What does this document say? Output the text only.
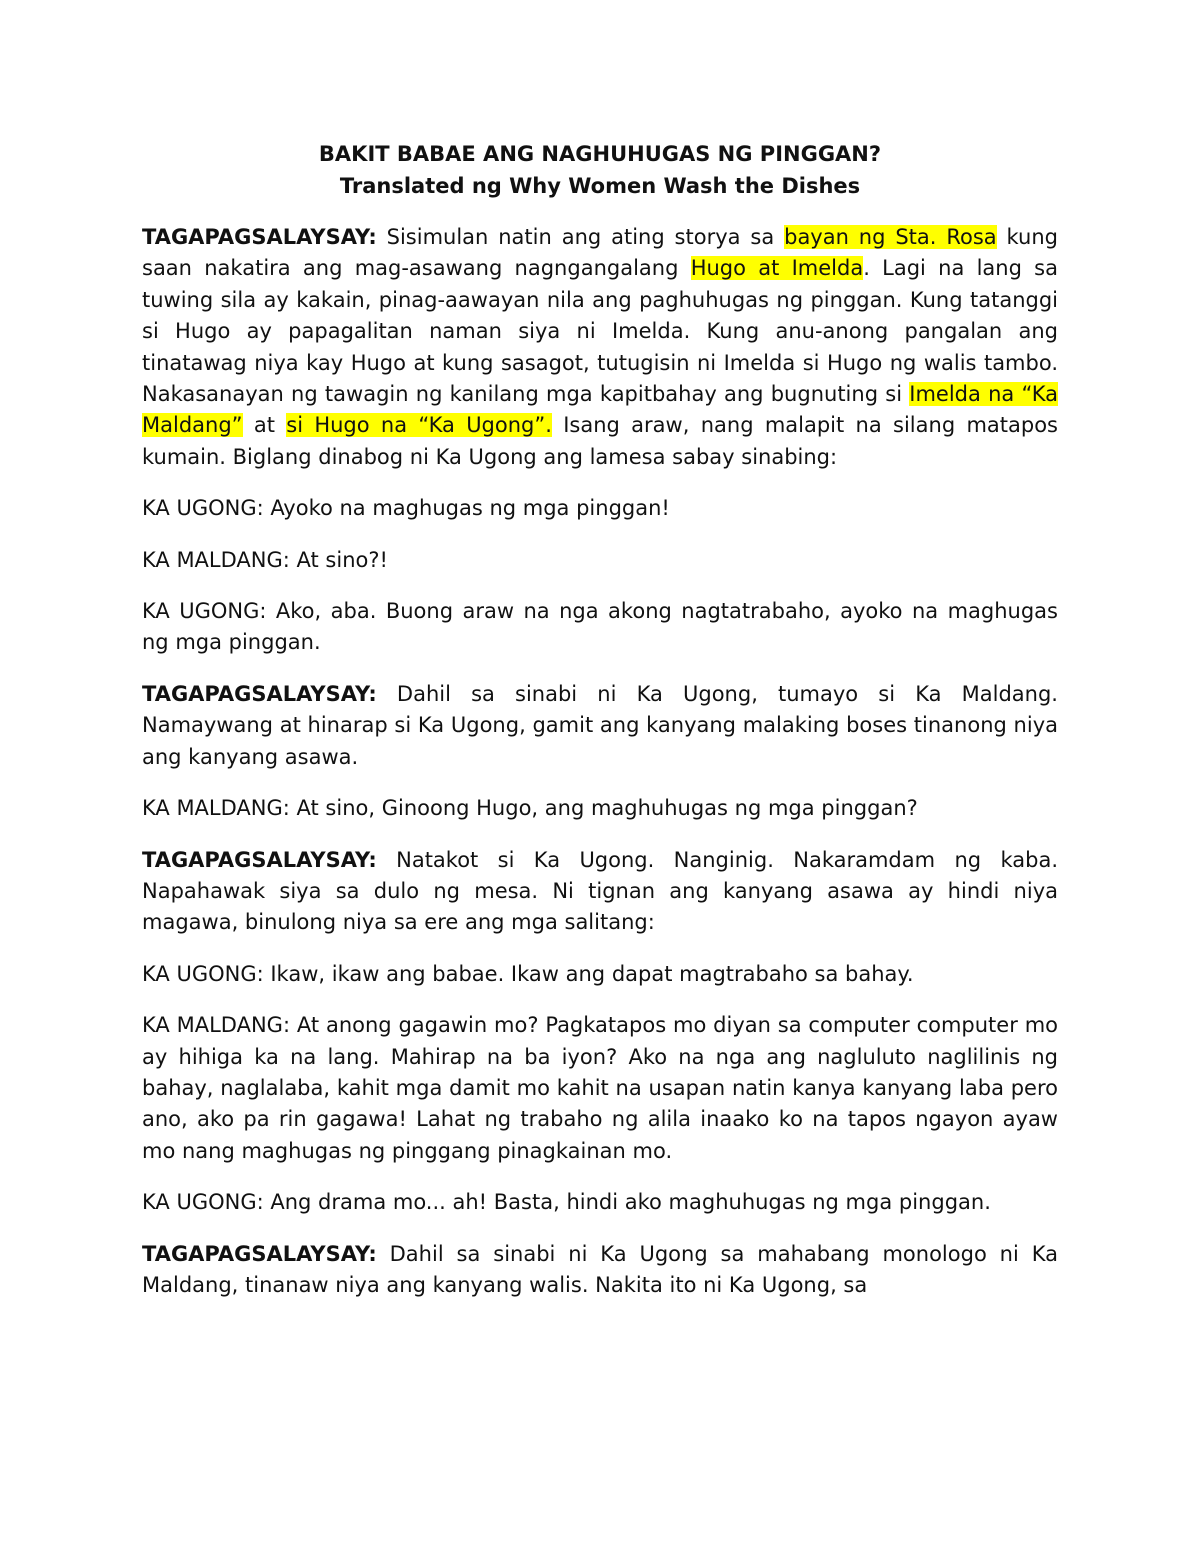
BAKIT BABAE ANG NAGHUHUGAS NG PINGGAN?
Translated ng Why Women Wash the Dishes

TAGAPAGSALAYSAY: Sisimulan natin ang ating storya sa bayan ng Sta. Rosa kung saan nakatira ang mag-asawang nagngangalang Hugo at Imelda. Lagi na lang sa tuwing sila ay kakain, pinag-aawayan nila ang paghuhugas ng pinggan. Kung tatanggi si Hugo ay papagalitan naman siya ni Imelda. Kung anu-anong pangalan ang tinatawag niya kay Hugo at kung sasagot, tutugisin ni Imelda si Hugo ng walis tambo. Nakasanayan ng tawagin ng kanilang mga kapitbahay ang bugnuting si Imelda na “Ka Maldang” at si Hugo na “Ka Ugong”. Isang araw, nang malapit na silang matapos kumain. Biglang dinabog ni Ka Ugong ang lamesa sabay sinabing:

KA UGONG: Ayoko na maghugas ng mga pinggan!

KA MALDANG: At sino?!

KA UGONG: Ako, aba. Buong araw na nga akong nagtatrabaho, ayoko na maghugas ng mga pinggan.

TAGAPAGSALAYSAY: Dahil sa sinabi ni Ka Ugong, tumayo si Ka Maldang. Namaywang at hinarap si Ka Ugong, gamit ang kanyang malaking boses tinanong niya ang kanyang asawa.

KA MALDANG: At sino, Ginoong Hugo, ang maghuhugas ng mga pinggan?

TAGAPAGSALAYSAY: Natakot si Ka Ugong. Nanginig. Nakaramdam ng kaba. Napahawak siya sa dulo ng mesa. Ni tignan ang kanyang asawa ay hindi niya magawa, binulong niya sa ere ang mga salitang:

KA UGONG: Ikaw, ikaw ang babae. Ikaw ang dapat magtrabaho sa bahay.

KA MALDANG: At anong gagawin mo? Pagkatapos mo diyan sa computer computer mo ay hihiga ka na lang. Mahirap na ba iyon? Ako na nga ang nagluluto naglilinis ng bahay, naglalaba, kahit mga damit mo kahit na usapan natin kanya kanyang laba pero ano, ako pa rin gagawa! Lahat ng trabaho ng alila inaako ko na tapos ngayon ayaw mo nang maghugas ng pinggang pinagkainan mo.

KA UGONG: Ang drama mo... ah! Basta, hindi ako maghuhugas ng mga pinggan.

TAGAPAGSALAYSAY: Dahil sa sinabi ni Ka Ugong sa mahabang monologo ni Ka Maldang, tinanaw niya ang kanyang walis. Nakita ito ni Ka Ugong, sa
